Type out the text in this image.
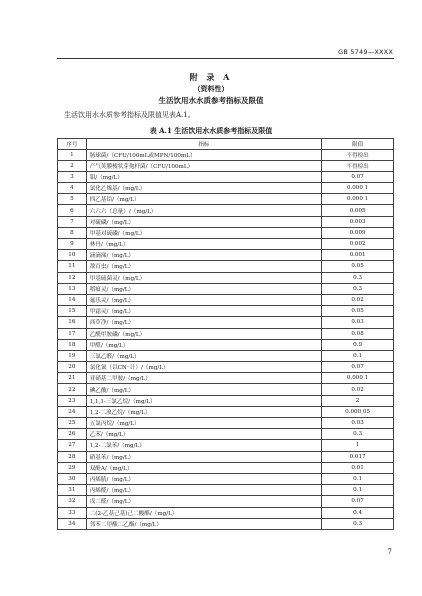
GB 5749—XXXX
附 录 A
（资料性）
生活饮用水水质参考指标及限值
生活饮用水水质参考指标及限值见表A.1。
表 A.1 生活饮用水水质参考指标及限值
序号	指标	限值
1	肠球菌/（CFU/100mL或MPN/100mL）	不得检出
2	产气荚膜梭状芽孢杆菌/（CFU/100mL）	不得检出
3	钼/（mg/L）	0.07
4	氯化乙烯基/（mg/L）	0.000 1
5	四乙基铅/（mg/L）	0.000 1
6	六六六（总量）/（mg/L）	0.005
7	对硫磷/（mg/L）	0.003
8	甲基对硫磷/（mg/L）	0.009
9	林丹/（mg/L）	0.002
10	滴滴涕/（mg/L）	0.001
11	敌百虫/（mg/L）	0.05
12	甲基硫菌灵/（mg/L）	0.3
13	稻瘟灵/（mg/L）	0.3
14	氟乐灵/（mg/L）	0.02
15	甲霜灵/（mg/L）	0.05
16	西草净/（mg/L）	0.03
17	乙酰甲胺磷/（mg/L）	0.08
18	甲醛/（mg/L）	0.9
19	三氯乙醛/（mg/L）	0.1
20	氯化氰（以CN⁻计）/（mg/L）	0.07
21	亚硝基二甲胺/（mg/L）	0.000 1
22	碘乙酸/（mg/L）	0.02
23	1,1,1-三氯乙烷/（mg/L）	2
24	1,2-二溴乙烷/（mg/L）	0.000 05
25	五氯丙烷/（mg/L）	0.03
26	乙苯/（mg/L）	0.3
27	1,2-二氯苯/（mg/L）	1
28	硝基苯/（mg/L）	0.017
29	双酚A/（mg/L）	0.01
30	丙烯腈/（mg/L）	0.1
31	丙烯醛/（mg/L）	0.1
32	戊二醛/（mg/L）	0.07
33	二(2-乙基己基)己二酸酯/（mg/L）	0.4
34	邻苯二甲酸二乙酯/（mg/L）	0.3
7
